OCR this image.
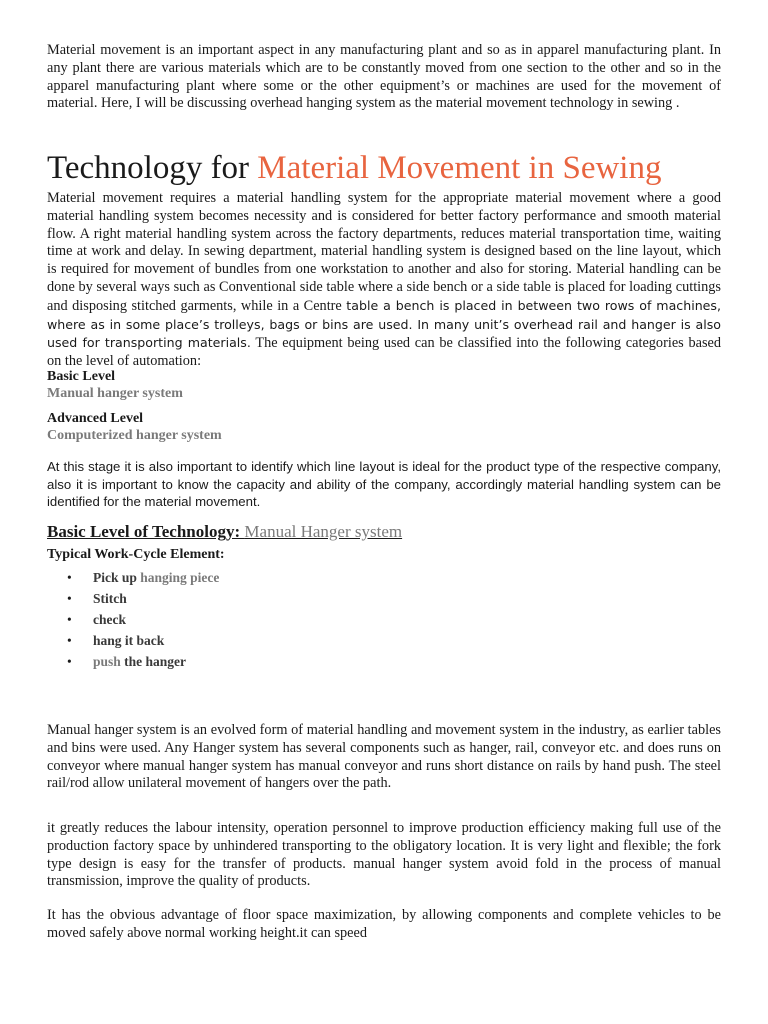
Material movement is an important aspect in any manufacturing plant and so as in apparel manufacturing plant. In any plant there are various materials which are to be constantly moved from one section to the other and so in the apparel manufacturing plant where some or the other equipment’s or machines are used for the movement of material. Here, I will be discussing overhead hanging system as the material movement technology in sewing .

Technology for Material Movement in Sewing

Material movement requires a material handling system for the appropriate material movement where a good material handling system becomes necessity and is considered for better factory performance and smooth material flow. A right material handling system across the factory departments, reduces material transportation time, waiting time at work and delay. In sewing department, material handling system is designed based on the line layout, which is required for movement of bundles from one workstation to another and also for storing. Material handling can be done by several ways such as Conventional side table where a side bench or a side table is placed for loading cuttings and disposing stitched garments, while in a Centre table a bench is placed in between two rows of machines, where as in some place’s trolleys, bags or bins are used. In many unit’s overhead rail and hanger is also used for transporting materials. The equipment being used can be classified into the following categories based on the level of automation:

Basic Level

Manual hanger system

Advanced Level

Computerized hanger system

At this stage it is also important to identify which line layout is ideal for the product type of the respective company, also it is important to know the capacity and ability of the company, accordingly material handling system can be identified for the material movement.

Basic Level of Technology: Manual Hanger system

Typical Work-Cycle Element:

• Pick up hanging piece
• Stitch
• check
• hang it back
• push the hanger

Manual hanger system is an evolved form of material handling and movement system in the industry, as earlier tables and bins were used. Any Hanger system has several components such as hanger, rail, conveyor etc. and does runs on conveyor where manual hanger system has manual conveyor and runs short distance on rails by hand push. The steel rail/rod allow unilateral movement of hangers over the path.

it greatly reduces the labour intensity, operation personnel to improve production efficiency making full use of the production factory space by unhindered transporting to the obligatory location. It is very light and flexible; the fork type design is easy for the transfer of products. manual hanger system avoid fold in the process of manual transmission, improve the quality of products.

It has the obvious advantage of floor space maximization, by allowing components and complete vehicles to be moved safely above normal working height.it can speed
